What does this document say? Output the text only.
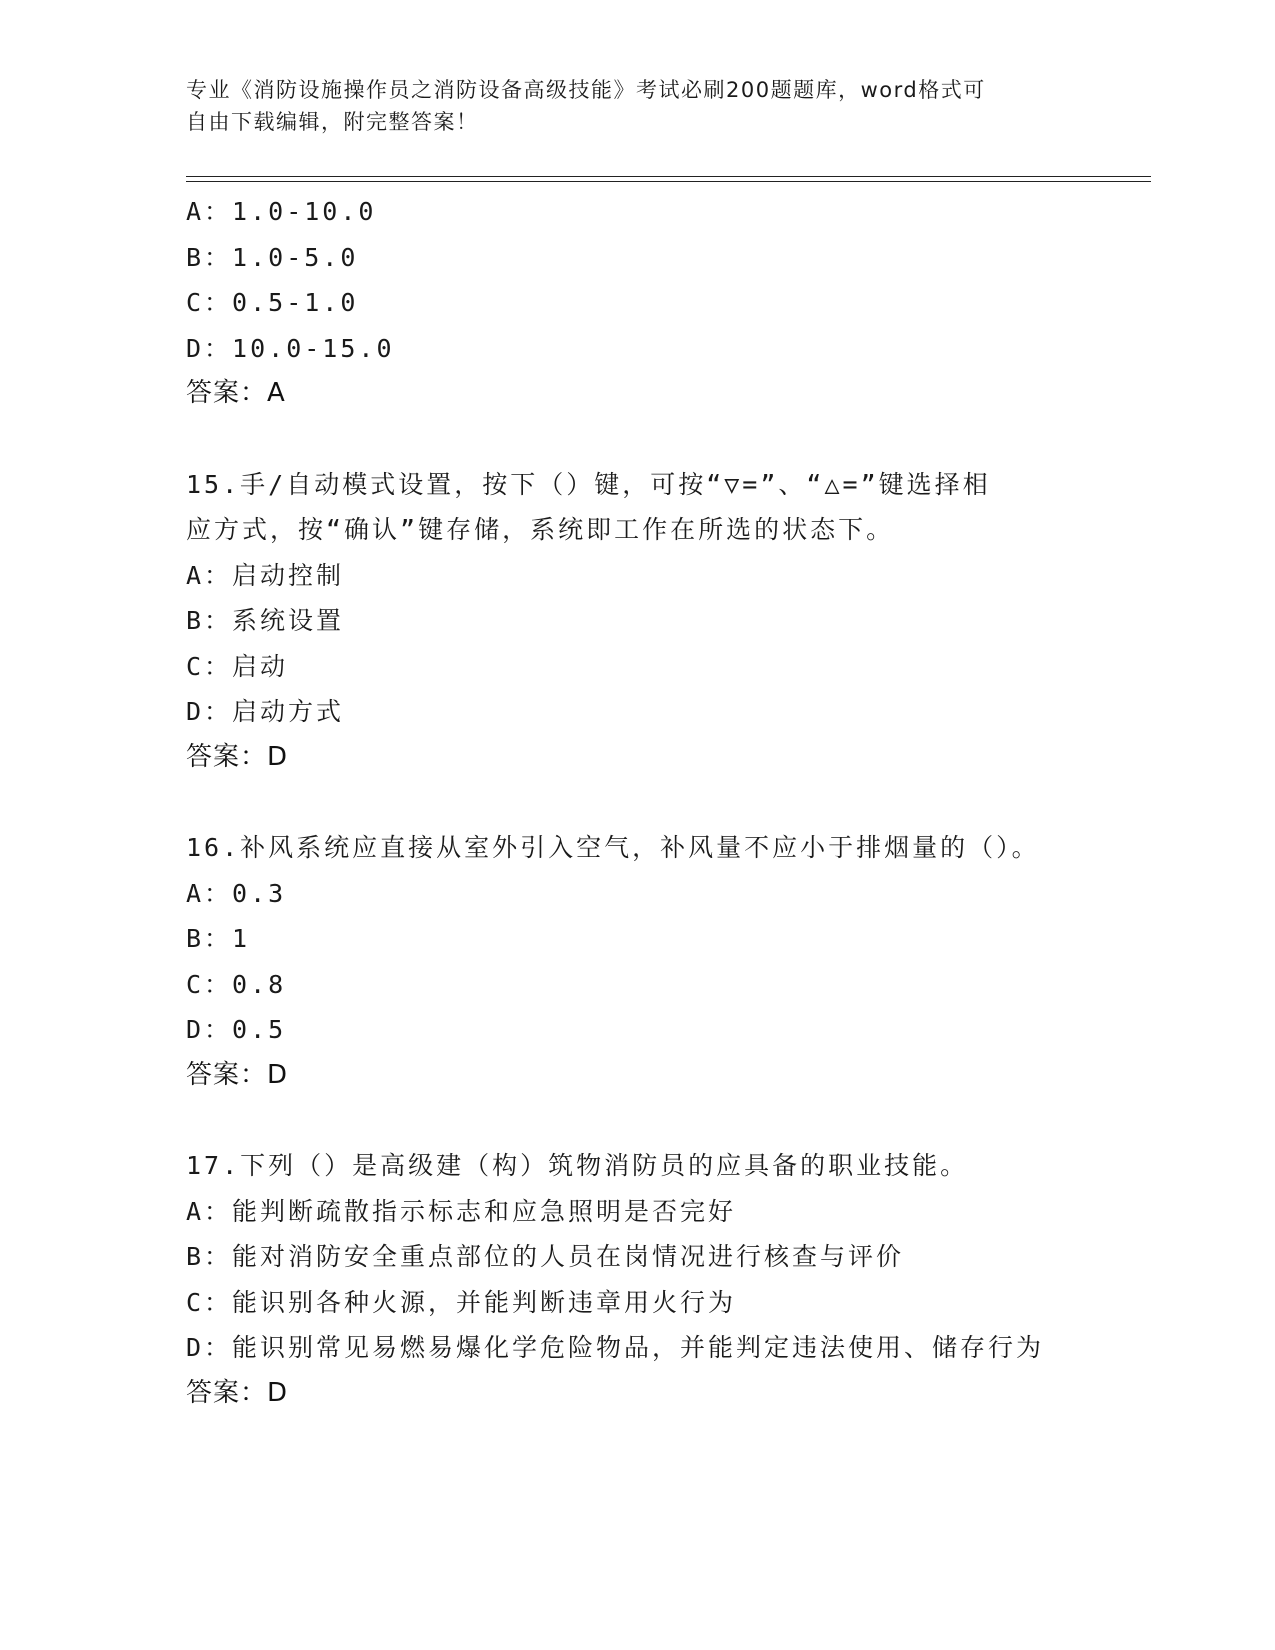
专业《消防设施操作员之消防设备高级技能》考试必刷200题题库，word格式可
自由下载编辑，附完整答案！
A：1.0-10.0
B：1.0-5.0
C：0.5-1.0
D：10.0-15.0
答案：A
15.手/自动模式设置，按下（）键，可按“▽=”、“△=”键选择相
应方式，按“确认”键存储，系统即工作在所选的状态下。
A：启动控制
B：系统设置
C：启动
D：启动方式
答案：D
16.补风系统应直接从室外引入空气，补风量不应小于排烟量的（）。
A：0.3
B：1
C：0.8
D：0.5
答案：D
17.下列（）是高级建（构）筑物消防员的应具备的职业技能。
A：能判断疏散指示标志和应急照明是否完好
B：能对消防安全重点部位的人员在岗情况进行核查与评价
C：能识别各种火源，并能判断违章用火行为
D：能识别常见易燃易爆化学危险物品，并能判定违法使用、储存行为
答案：D
